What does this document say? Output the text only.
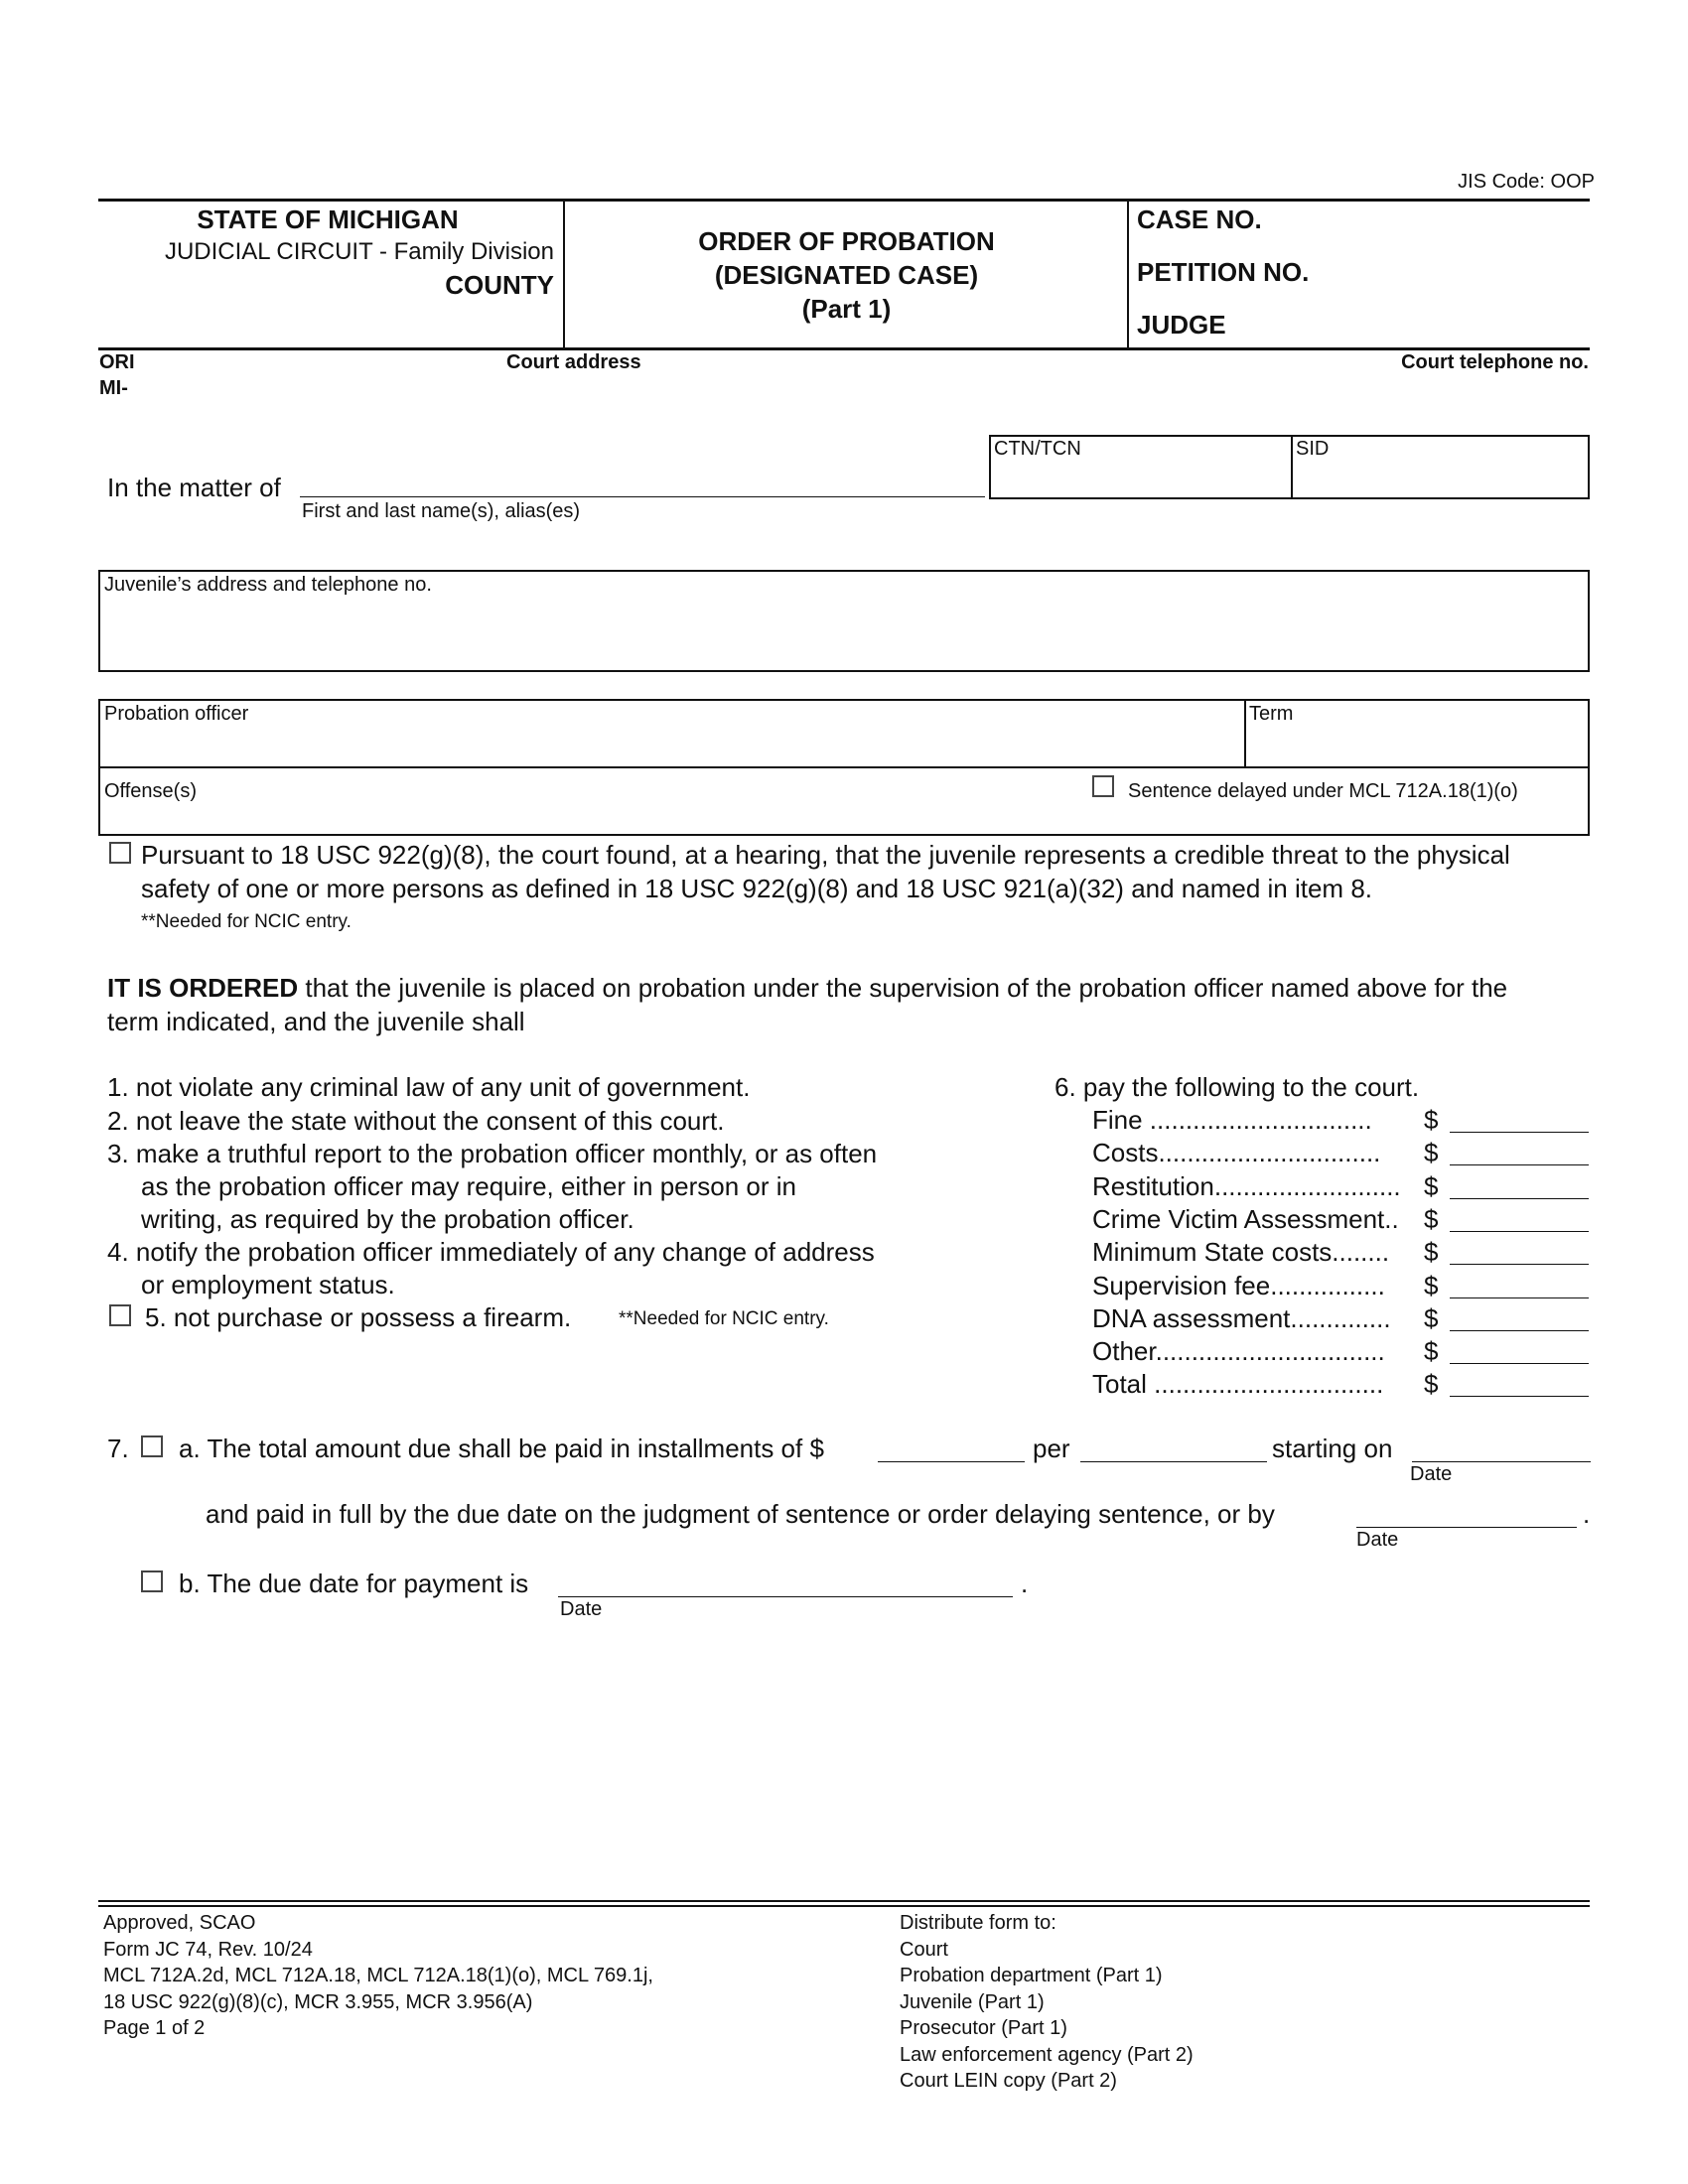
JIS Code: OOP
STATE OF MICHIGAN
JUDICIAL CIRCUIT - Family Division
COUNTY
ORDER OF PROBATION
(DESIGNATED CASE)
(Part 1)
CASE NO.
PETITION NO.
JUDGE
ORI
MI-
Court address	Court telephone no.
In the matter of
First and last name(s), alias(es)
CTN/TCN	SID
Juvenile’s address and telephone no.
Probation officer	Term
Offense(s)	Sentence delayed under MCL 712A.18(1)(o)
Pursuant to 18 USC 922(g)(8), the court found, at a hearing, that the juvenile represents a credible threat to the physical
safety of one or more persons as defined in 18 USC 922(g)(8) and 18 USC 921(a)(32) and named in item 8.
**Needed for NCIC entry.
IT IS ORDERED that the juvenile is placed on probation under the supervision of the probation officer named above for the
term indicated, and the juvenile shall
1. not violate any criminal law of any unit of government.
2. not leave the state without the consent of this court.
3. make a truthful report to the probation officer monthly, or as often
as the probation officer may require, either in person or in
writing, as required by the probation officer.
4. notify the probation officer immediately of any change of address
or employment status.
5. not purchase or possess a firearm.	**Needed for NCIC entry.
6. pay the following to the court.
Fine ...............................	$
Costs...............................	$
Restitution.......................... $
Crime Victim Assessment.. $
Minimum State costs........	$
Supervision fee................	$
DNA assessment..............	$
Other................................	$
Total ................................	$
7. a. The total amount due shall be paid in installments of $	per	starting on
Date
and paid in full by the due date on the judgment of sentence or order delaying sentence, or by	.
Date
b. The due date for payment is	.
Date
Approved, SCAO
Form JC 74, Rev. 10/24
MCL 712A.2d, MCL 712A.18, MCL 712A.18(1)(o), MCL 769.1j,
18 USC 922(g)(8)(c), MCR 3.955, MCR 3.956(A)
Page 1 of 2
Distribute form to:
Court
Probation department (Part 1)
Juvenile (Part 1)
Prosecutor (Part 1)
Law enforcement agency (Part 2)
Court LEIN copy (Part 2)
